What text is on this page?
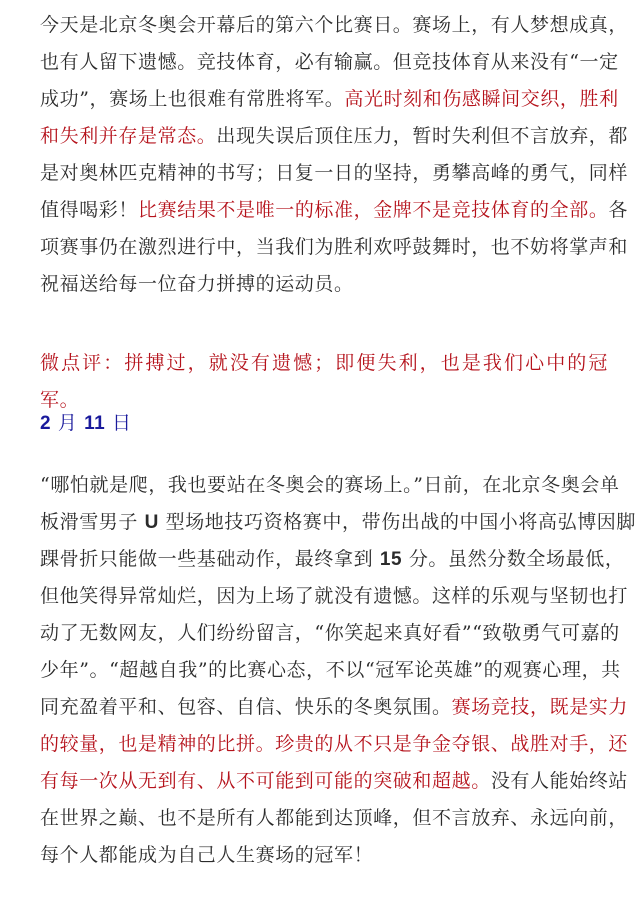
今天是北京冬奥会开幕后的第六个比赛日。赛场上，有人梦想成真，
也有人留下遗憾。竞技体育，必有输赢。但竞技体育从来没有“一定
成功”，赛场上也很难有常胜将军。高光时刻和伤感瞬间交织，胜利
和失利并存是常态。出现失误后顶住压力，暂时失利但不言放弃，都
是对奥林匹克精神的书写；日复一日的坚持，勇攀高峰的勇气，同样
值得喝彩！比赛结果不是唯一的标准，金牌不是竞技体育的全部。各
项赛事仍在激烈进行中，当我们为胜利欢呼鼓舞时，也不妨将掌声和
祝福送给每一位奋力拼搏的运动员。
微点评：拼搏过，就没有遗憾；即便失利，也是我们心中的冠军。
2 月 11 日
“哪怕就是爬，我也要站在冬奥会的赛场上。”日前，在北京冬奥会单
板滑雪男子 U 型场地技巧资格赛中，带伤出战的中国小将高弘博因脚
踝骨折只能做一些基础动作，最终拿到 15 分。虽然分数全场最低，
但他笑得异常灿烂，因为上场了就没有遗憾。这样的乐观与坚韧也打
动了无数网友，人们纷纷留言，“你笑起来真好看”“致敬勇气可嘉的
少年”。“超越自我”的比赛心态，不以“冠军论英雄”的观赛心理，共
同充盈着平和、包容、自信、快乐的冬奥氛围。赛场竞技，既是实力
的较量，也是精神的比拼。珍贵的从不只是争金夺银、战胜对手，还
有每一次从无到有、从不可能到可能的突破和超越。没有人能始终站
在世界之巅、也不是所有人都能到达顶峰，但不言放弃、永远向前，
每个人都能成为自己人生赛场的冠军！
